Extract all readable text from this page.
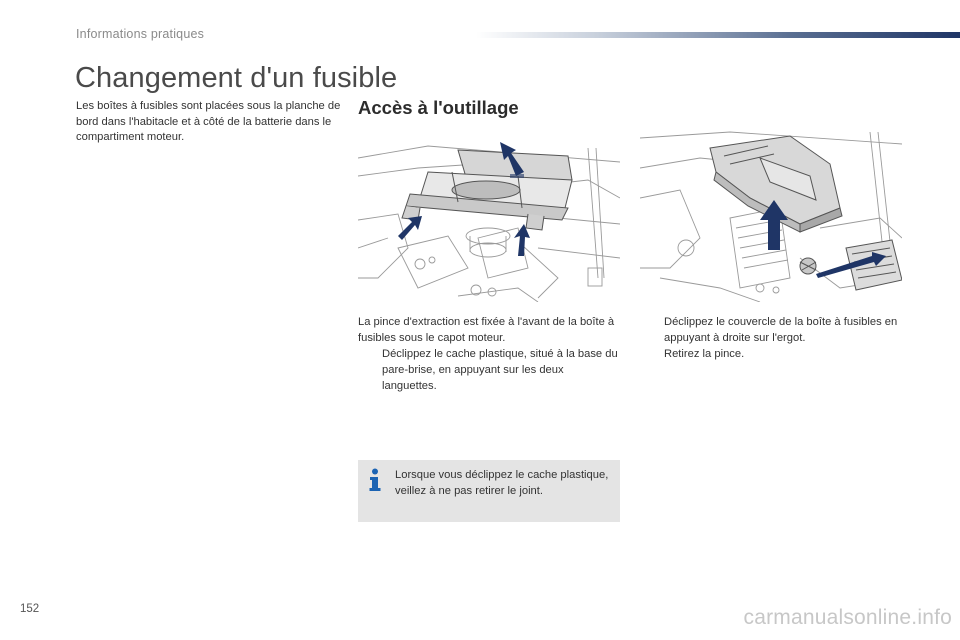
Informations pratiques
Changement d'un fusible

Les boîtes à fusibles sont placées sous la planche de bord dans l'habitacle et à côté de la batterie dans le compartiment moteur.

Accès à l'outillage

La pince d'extraction est fixée à l'avant de la boîte à fusibles sous le capot moteur.

Déclippez le cache plastique, situé à la base du pare-brise, en appuyant sur les deux languettes.

Déclippez le couvercle de la boîte à fusibles en appuyant à droite sur l'ergot.

Retirez la pince.

Lorsque vous déclippez le cache plastique, veillez à ne pas retirer le joint.

152	carmanualsonline.info
